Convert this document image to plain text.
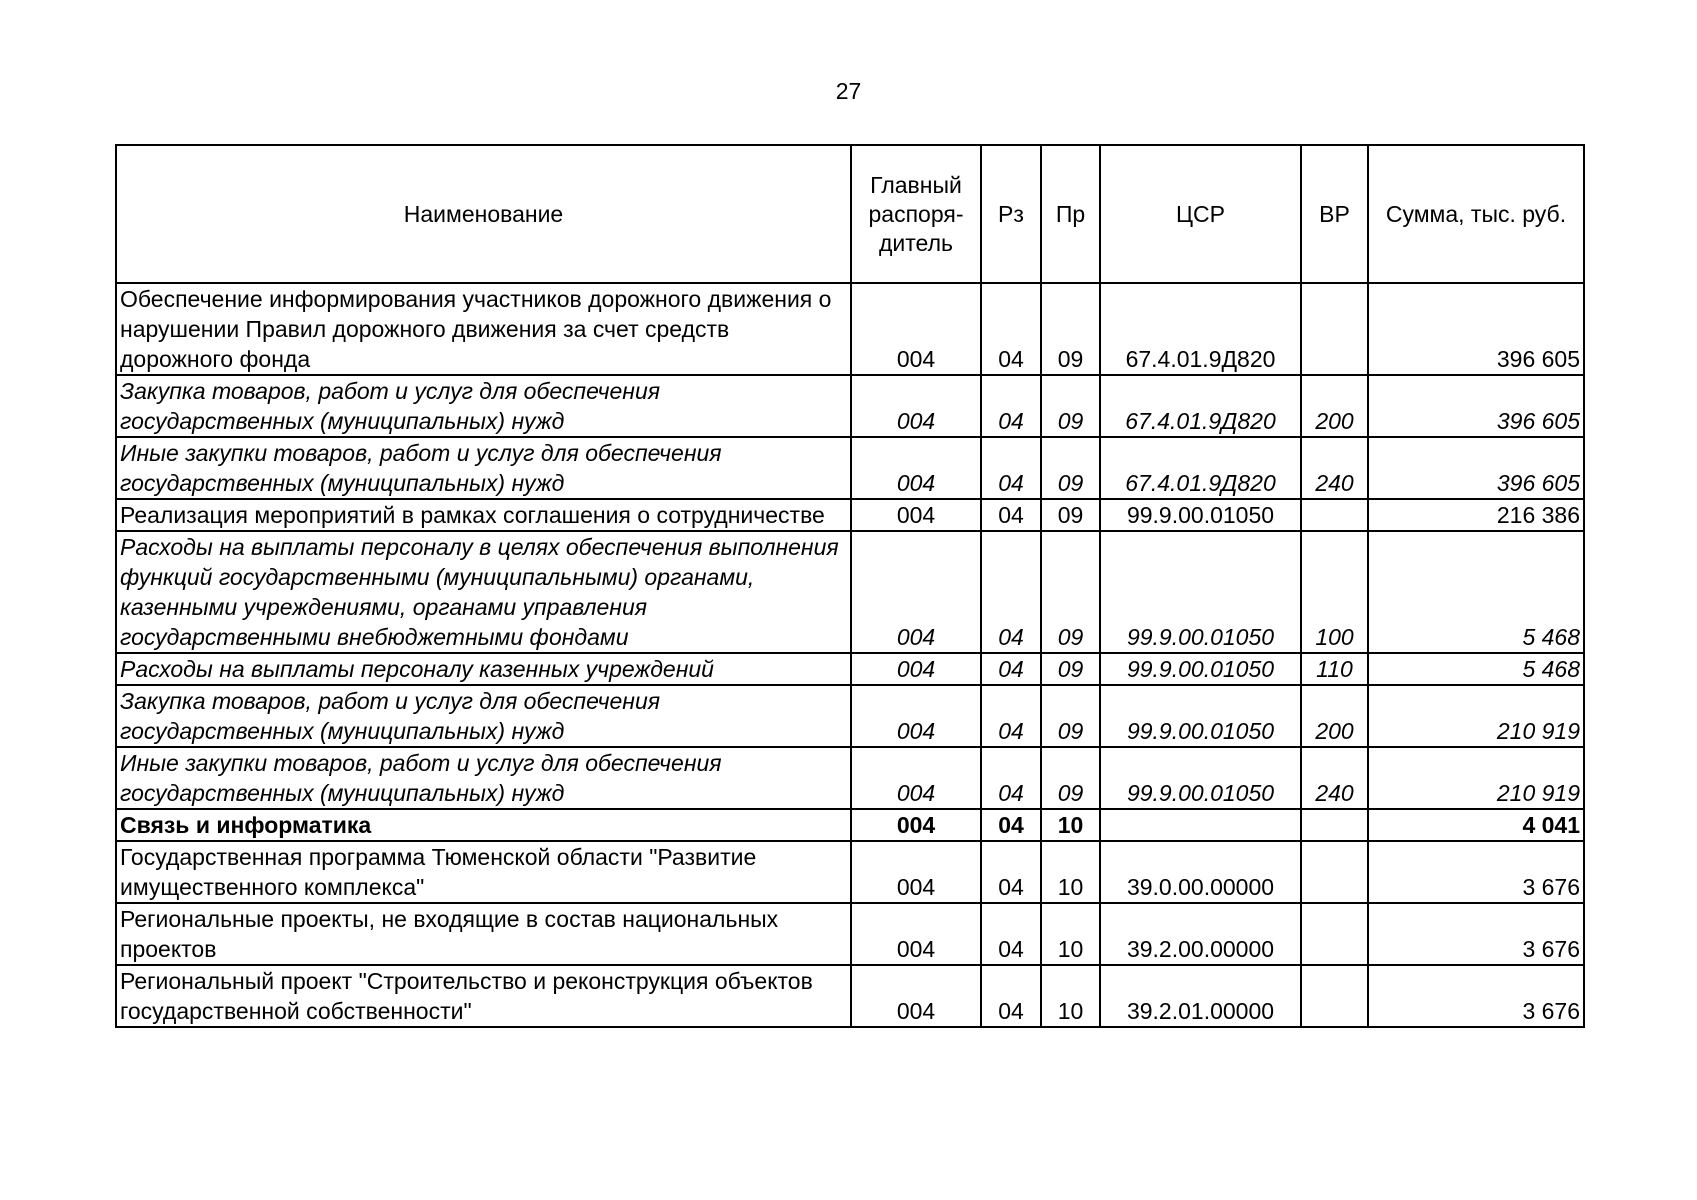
27
Наименование	Главный распоря-дитель	Рз	Пр	ЦСР	ВР	Сумма, тыс. руб.
Обеспечение информирования участников дорожного движения о нарушении Правил дорожного движения за счет средств дорожного фонда	004	04	09	67.4.01.9Д820		396 605
Закупка товаров, работ и услуг для обеспечения государственных (муниципальных) нужд	004	04	09	67.4.01.9Д820	200	396 605
Иные закупки товаров, работ и услуг для обеспечения государственных (муниципальных) нужд	004	04	09	67.4.01.9Д820	240	396 605
Реализация мероприятий в рамках соглашения о сотрудничестве	004	04	09	99.9.00.01050		216 386
Расходы на выплаты персоналу в целях обеспечения выполнения функций государственными (муниципальными) органами, казенными учреждениями, органами управления государственными внебюджетными фондами	004	04	09	99.9.00.01050	100	5 468
Расходы на выплаты персоналу казенных учреждений	004	04	09	99.9.00.01050	110	5 468
Закупка товаров, работ и услуг для обеспечения государственных (муниципальных) нужд	004	04	09	99.9.00.01050	200	210 919
Иные закупки товаров, работ и услуг для обеспечения государственных (муниципальных) нужд	004	04	09	99.9.00.01050	240	210 919
Связь и информатика	004	04	10			4 041
Государственная программа Тюменской области "Развитие имущественного комплекса"	004	04	10	39.0.00.00000		3 676
Региональные проекты, не входящие в состав национальных проектов	004	04	10	39.2.00.00000		3 676
Региональный проект "Строительство и реконструкция объектов государственной собственности"	004	04	10	39.2.01.00000		3 676
